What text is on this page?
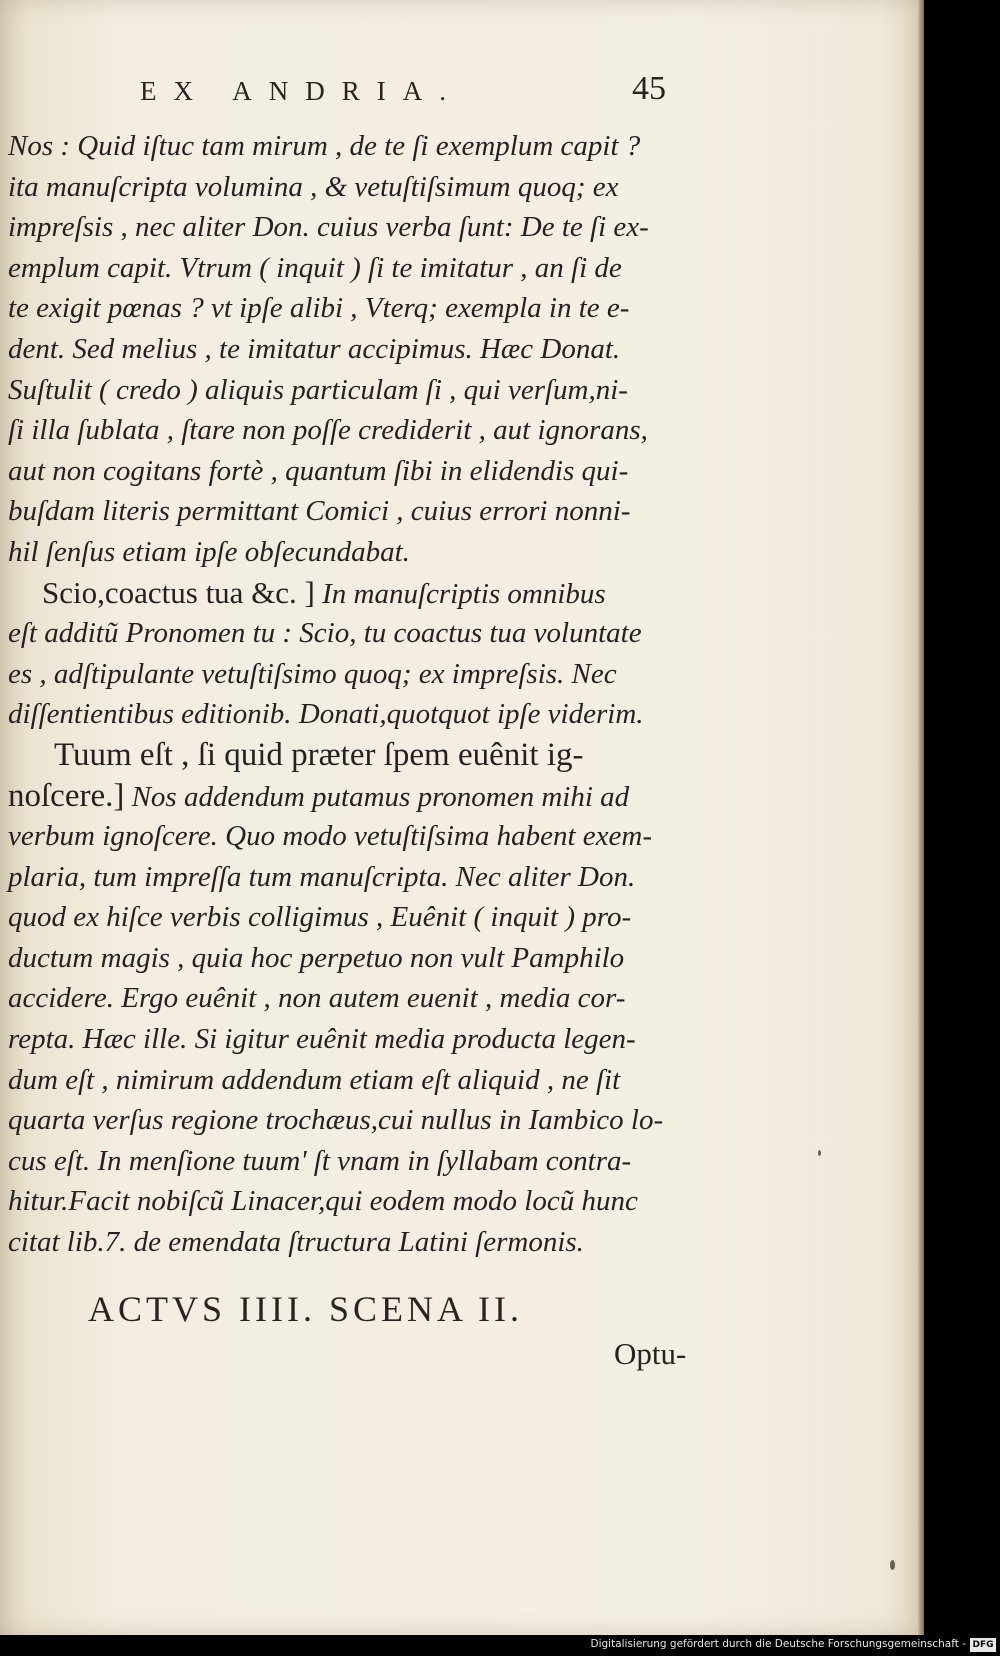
EX ANDRIA.	45
Nos : Quid iſtuc tam mirum , de te ſi exemplum capit ?
ita manuſcripta volumina , & vetuſtiſsimum quoq; ex
impreſsis , nec aliter Don. cuius verba ſunt: De te ſi ex-
emplum capit. Vtrum ( inquit ) ſi te imitatur , an ſi de
te exigit pœnas ? vt ipſe alibi , Vterq; exempla in te e-
dent. Sed melius , te imitatur accipimus. Hæc Donat.
Suſtulit ( credo ) aliquis particulam ſi , qui verſum,ni-
ſi illa ſublata , ſtare non poſſe crediderit , aut ignorans,
aut non cogitans fortè , quantum ſibi in elidendis qui-
buſdam literis permittant Comici , cuius errori nonni-
hil ſenſus etiam ipſe obſecundabat.
Scio,coactus tua &c. ] In manuſcriptis omnibus
eſt additũ Pronomen tu : Scio, tu coactus tua voluntate
es , adſtipulante vetuſtiſsimo quoq; ex impreſsis. Nec
diſſentientibus editionib. Donati,quotquot ipſe viderim.
Tuum eſt , ſi quid præter ſpem euênit ig-
noſcere.] Nos addendum putamus pronomen mihi ad
verbum ignoſcere. Quo modo vetuſtiſsima habent exem-
plaria, tum impreſſa tum manuſcripta. Nec aliter Don.
quod ex hiſce verbis colligimus , Euênit ( inquit ) pro-
ductum magis , quia hoc perpetuo non vult Pamphilo
accidere. Ergo euênit , non autem euenit , media cor-
repta. Hæc ille. Si igitur euênit media producta legen-
dum eſt , nimirum addendum etiam eſt aliquid , ne ſit
quarta verſus regione trochæus,cui nullus in Iambico lo-
cus eſt. In menſione tuum' ſt vnam in ſyllabam contra-
hitur.Facit nobiſcũ Linacer,qui eodem modo locũ hunc
citat lib.7. de emendata ſtructura Latini ſermonis.
ACTVS IIII. SCENA II.
Optu-
Digitalisierung gefördert durch die Deutsche Forschungsgemeinschaft - DFG
